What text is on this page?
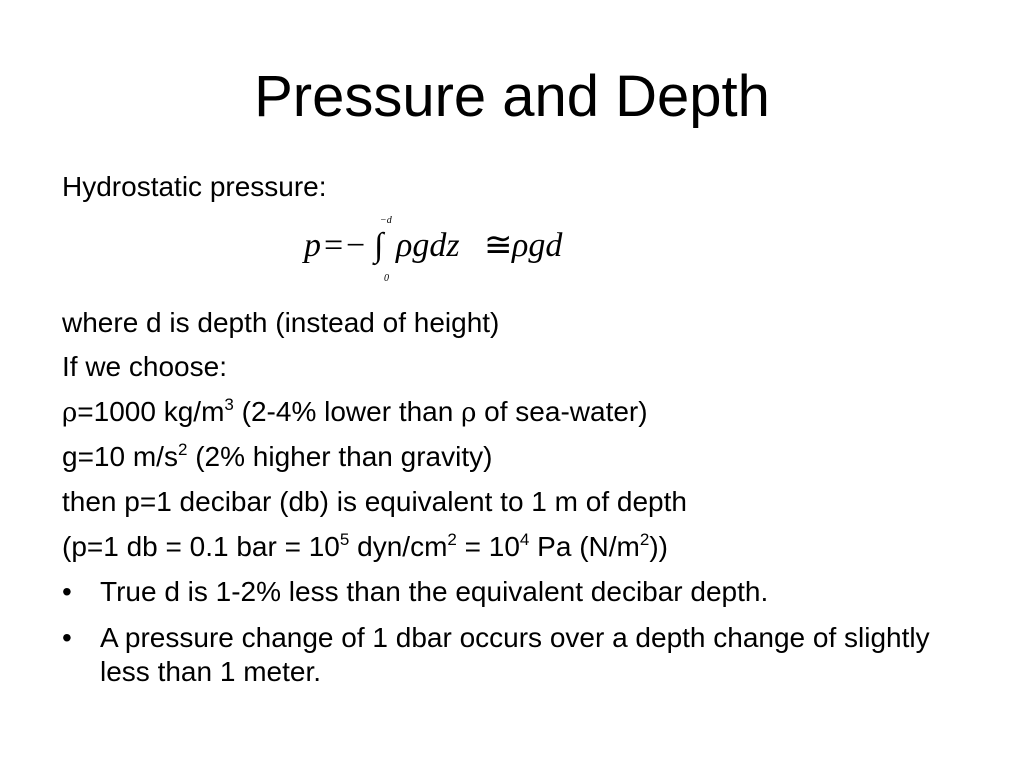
Pressure and Depth
Hydrostatic pressure:
p = −
−d
∫
0
ρgdz ≅ ρgd
where d is depth (instead of height)
If we choose:
ρ=1000 $kg/m^3$ (2-4% lower than ρ of sea-water)
g=10 $m/s^2$ (2% higher than gravity)
then p=1 decibar (db) is equivalent to 1 m of depth
(p=1 db = 0.1 bar = $10^5$ dyn/$cm^2 = 10^4$ Pa $(N/m^2)$)
• True d is 1-2% less than the equivalent decibar depth.
• A pressure change of 1 dbar occurs over a depth change of slightly less than 1 meter.
